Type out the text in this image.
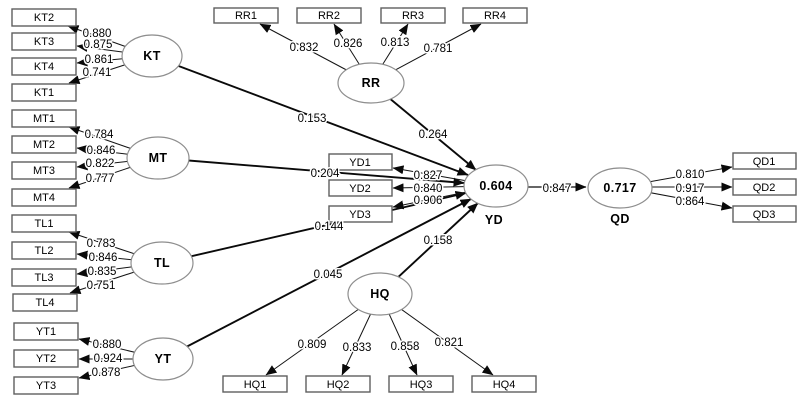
KT2
KT3
KT4
KT1
MT1
MT2
MT3
MT4
TL1
TL2
TL3
TL4
YT1
YT2
YT3
RR1	RR2	RR3	RR4
HQ1	HQ2	HQ3	HQ4
YD1
YD2
YD3
QD1
QD2
QD3
KT
MT
TL
YT
RR
HQ
0.604
YD
0.717
QD
0.880
0.875
0.861
0.741
0.784
0.846
0.822
0.777
0.783
0.846
0.835
0.751
0.880
0.924
0.878
0.832 0.826 0.813 0.781
0.809 0.833 0.858 0.821
0.827
0.840
0.906
0.810
0.917
0.864
0.153
0.264
0.204
0.144
0.045
0.158
0.847
